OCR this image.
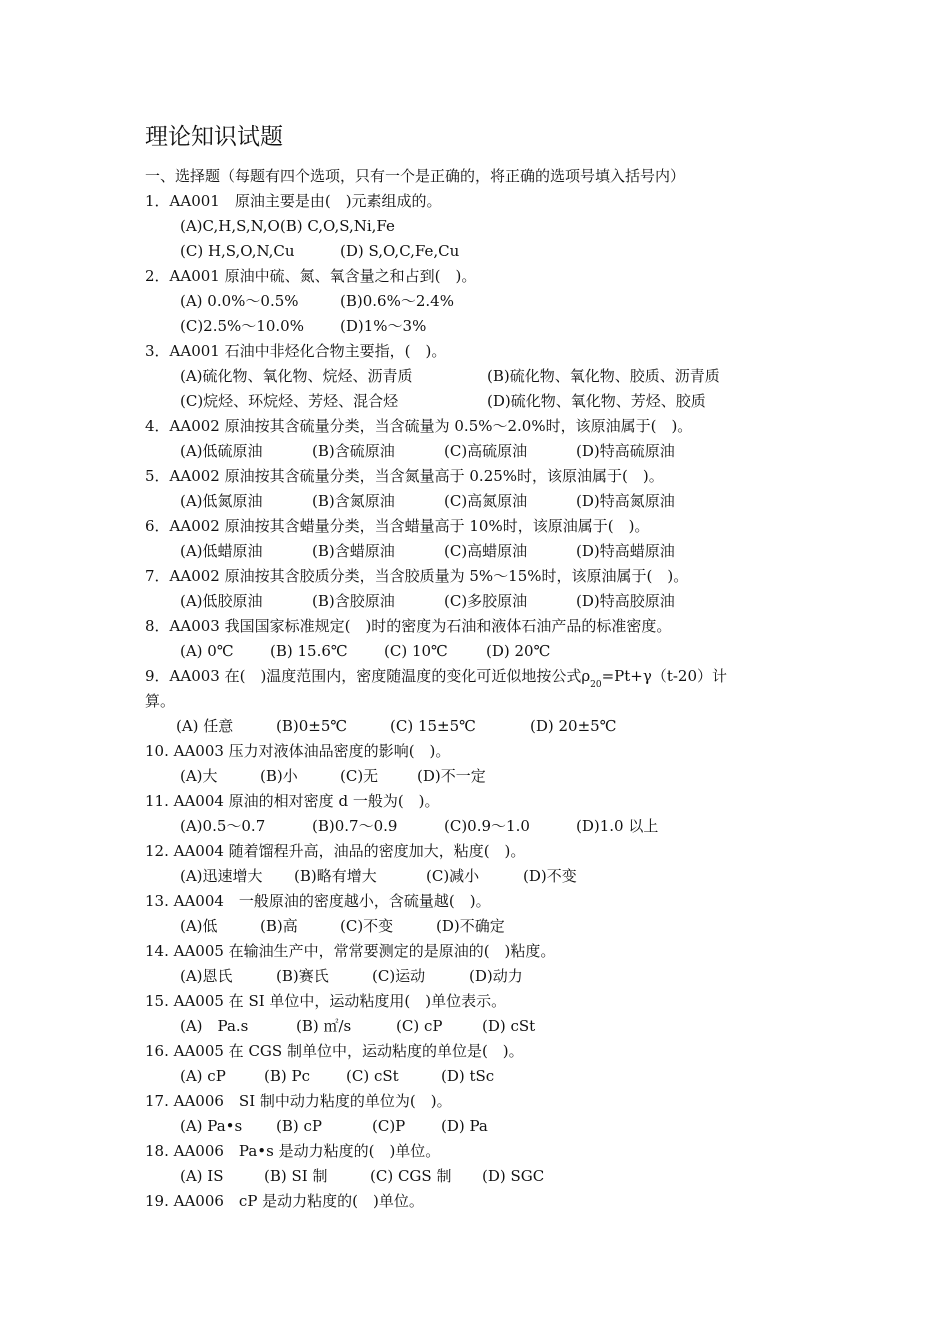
理论知识试题
一、选择题（每题有四个选项，只有一个是正确的，将正确的选项号填入括号内）
1．AA001　原油主要是由(　)元素组成的。
(A)C,H,S,N,O(B) C,O,S,Ni,Fe
(C) H,S,O,N,Cu	(D) S,O,C,Fe,Cu
2．AA001 原油中硫、氮、氧含量之和占到(　)。
(A) 0.0%～0.5%	(B)0.6%～2.4%
(C)2.5%～10.0% (D)1%～3%
3．AA001 石油中非烃化合物主要指，(　)。
(A)硫化物、氧化物、烷烃、沥青质	(B)硫化物、氧化物、胶质、沥青质
(C)烷烃、环烷烃、芳烃、混合烃	(D)硫化物、氧化物、芳烃、胶质
4．AA002 原油按其含硫量分类，当含硫量为 0.5%～2.0%时，该原油属于(　)。
(A)低硫原油	(B)含硫原油	(C)高硫原油	(D)特高硫原油
5．AA002 原油按其含硫量分类，当含氮量高于 0.25%时，该原油属于(　)。
(A)低氮原油	(B)含氮原油	(C)高氮原油	(D)特高氮原油
6．AA002 原油按其含蜡量分类，当含蜡量高于 10%时，该原油属于(　)。
(A)低蜡原油	(B)含蜡原油	(C)高蜡原油	(D)特高蜡原油
7．AA002 原油按其含胶质分类，当含胶质量为 5%～15%时，该原油属于(　)。
(A)低胶原油	(B)含胶原油	(C)多胶原油	(D)特高胶原油
8．AA003 我国国家标准规定(　)时的密度为石油和液体石油产品的标准密度。
(A) 0℃ (B) 15.6℃ (C) 10℃	(D) 20℃
9．AA003 在(　)温度范围内，密度随温度的变化可近似地按公式$\rho_{20}=Pt+\gamma(t-20)$计
算。
(A) 任意	(B)0±5℃	(C) 15±5℃	(D) 20±5℃
10. AA003 压力对液体油品密度的影响(　)。
(A)大	(B)小	(C)无	(D)不一定
11. AA004 原油的相对密度 d 一般为(　)。
(A)0.5～0.7	(B)0.7～0.9	(C)0.9～1.0	(D)1.0 以上
12. AA004 随着馏程升高，油品的密度加大，粘度(　)。
(A)迅速增大 (B)略有增大	(C)减小	(D)不变
13. AA004　一般原油的密度越小，含硫量越(　)。
(A)低	(B)高	(C)不变	(D)不确定
14. AA005 在输油生产中，常常要测定的是原油的(　)粘度。
(A)恩氏	(B)赛氏	(C)运动	(D)动力
15. AA005 在 SI 单位中，运动粘度用(　)单位表示。
(A)　Pa.s	(B) ㎡/s	(C) cP	(D) cSt
16. AA005 在 CGS 制单位中，运动粘度的单位是(　)。
(A) cP	(B) Pc (C) cSt	(D) tSc
17. AA006　SI 制中动力粘度的单位为(　)。
(A) Pa•s (B) cP	(C)P (D) Pa
18. AA006　Pa•s 是动力粘度的(　)单位。
(A) IS	(B) SI 制	(C) CGS 制 (D) SGC
19. AA006　cP 是动力粘度的(　)单位。
